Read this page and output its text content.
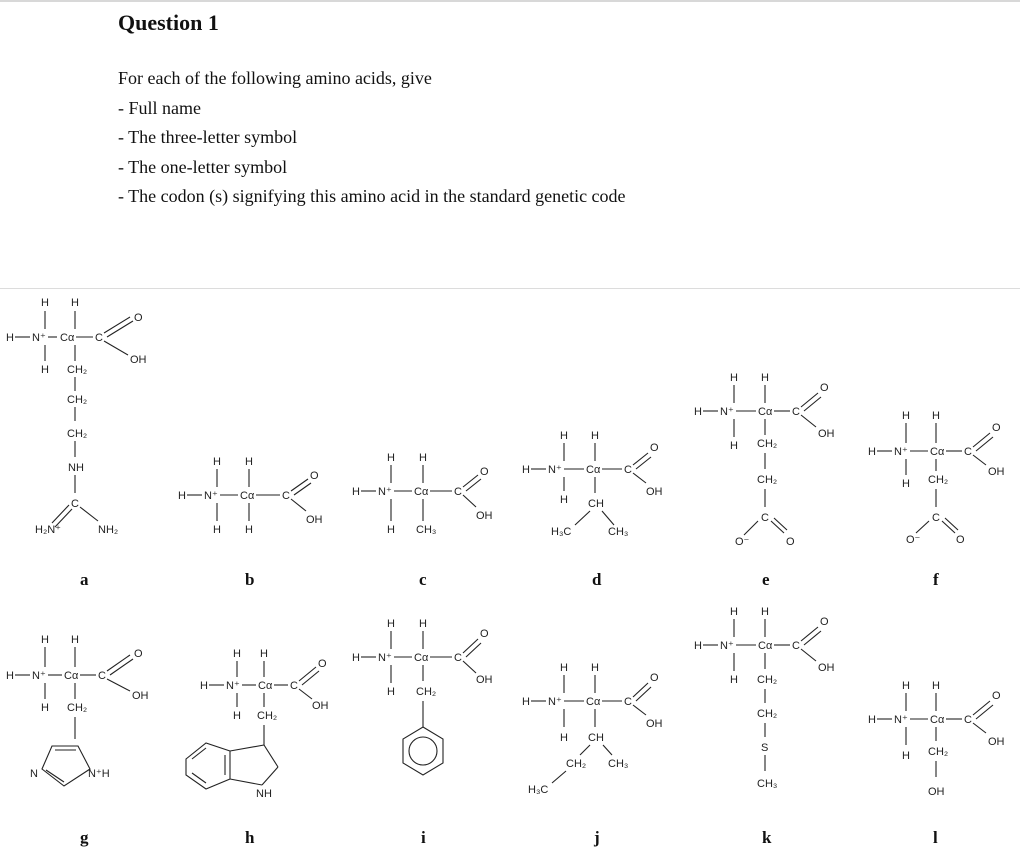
Question 1
For each of the following amino acids, give
- Full name
- The three-letter symbol
- The one-letter symbol
- The codon (s) signifying this amino acid in the standard genetic code
H N⁺ Cα C
O
OH
H H
H CH₂
CH₂
CH₂
NH
C
H₂N⁺	NH₂
H N⁺ Cα	C
O
OH
H H
H H
H N⁺ Cα C
O
OH
H H
H CH₃
H N⁺ Cα C
O
OH
H H
H CH
H₃C	CH₃
H N⁺ Cα C
O
OH
H H
H CH₂
CH₂
C
O⁻	O
H N⁺ Cα C
O
OH
H H
H CH₂
C
O⁻	O
a	b	c	d	e	f
H N⁺ Cα C
O
OH
H H
H CH₂
N	N⁺H
H N⁺ Cα C
O
OH
H H
H CH₂
NH
H N⁺ Cα C
O
OH
H H
H CH₂
H N⁺ Cα C
O
OH
H H
H CH
CH₂ CH₃
H₃C
H N⁺ Cα C
O
OH
H H
H CH₂
CH₂
S
CH₃
H N⁺ Cα C
O
OH
H H
H CH₂
OH
g	h	i	j	k	l
